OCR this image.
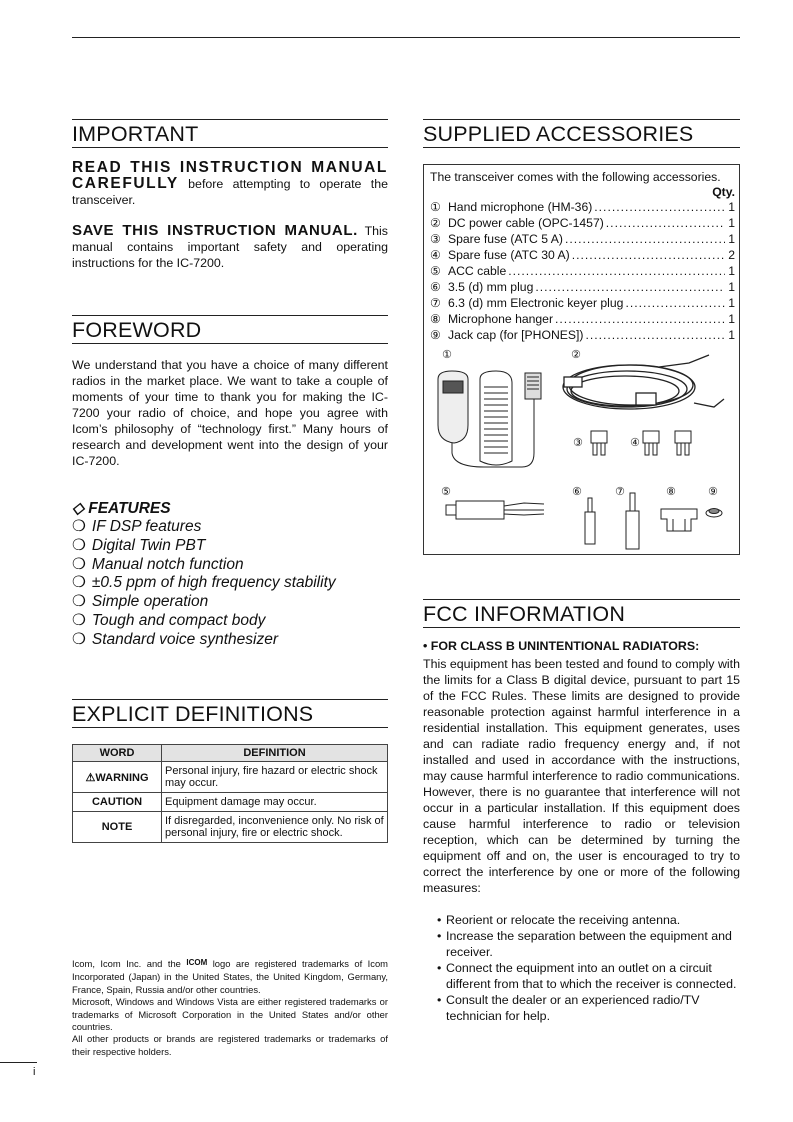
IMPORTANT
READ THIS INSTRUCTION MANUAL CAREFULLY before attempting to operate the transceiver.
SAVE THIS INSTRUCTION MANUAL. This manual contains important safety and operating instructions for the IC-7200.
FOREWORD
We understand that you have a choice of many different radios in the market place. We want to take a couple of moments of your time to thank you for making the IC-7200 your radio of choice, and hope you agree with Icom’s philosophy of “technology first.” Many hours of research and development went into the design of your IC-7200.
◇ FEATURES
❍ IF DSP features
❍ Digital Twin PBT
❍ Manual notch function
❍ ±0.5 ppm of high frequency stability
❍ Simple operation
❍ Tough and compact body
❍ Standard voice synthesizer
EXPLICIT DEFINITIONS
WORD	DEFINITION
⚠WARNING	Personal injury, fire hazard or electric shock may occur.
CAUTION	Equipment damage may occur.
NOTE	If disregarded, inconvenience only. No risk of personal injury, fire or electric shock.
Icom, Icom Inc. and the ICOM logo are registered trademarks of Icom Incorporated (Japan) in the United States, the United Kingdom, Germany, France, Spain, Russia and/or other countries.
Microsoft, Windows and Windows Vista are either registered trademarks or trademarks of Microsoft Corporation in the United States and/or other countries.
All other products or brands are registered trademarks or trademarks of their respective holders.
i
SUPPLIED ACCESSORIES
The transceiver comes with the following accessories.
Qty.
① Hand microphone (HM-36) .....	1
② DC power cable (OPC-1457) .....	1
③ Spare fuse (ATC 5 A) .....	1
④ Spare fuse (ATC 30 A) .....	2
⑤ ACC cable .....	1
⑥ 3.5 (d) mm plug .....	1
⑦ 6.3 (d) mm Electronic keyer plug .....	1
⑧ Microphone hanger .....	1
⑨ Jack cap (for [PHONES]) .....	1
①	②
③	④
⑤	⑥	⑦	⑧	⑨
FCC INFORMATION
• FOR CLASS B UNINTENTIONAL RADIATORS:
This equipment has been tested and found to comply with the limits for a Class B digital device, pursuant to part 15 of the FCC Rules. These limits are designed to provide reasonable protection against harmful interference in a residential installation. This equipment generates, uses and can radiate radio frequency energy and, if not installed and used in accordance with the instructions, may cause harmful interference to radio communications. However, there is no guarantee that interference will not occur in a particular installation. If this equipment does cause harmful interference to radio or television reception, which can be determined by turning the equipment off and on, the user is encouraged to try to correct the interference by one or more of the following measures:
• Reorient or relocate the receiving antenna.
• Increase the separation between the equipment and receiver.
• Connect the equipment into an outlet on a circuit different from that to which the receiver is connected.
• Consult the dealer or an experienced radio/TV technician for help.
